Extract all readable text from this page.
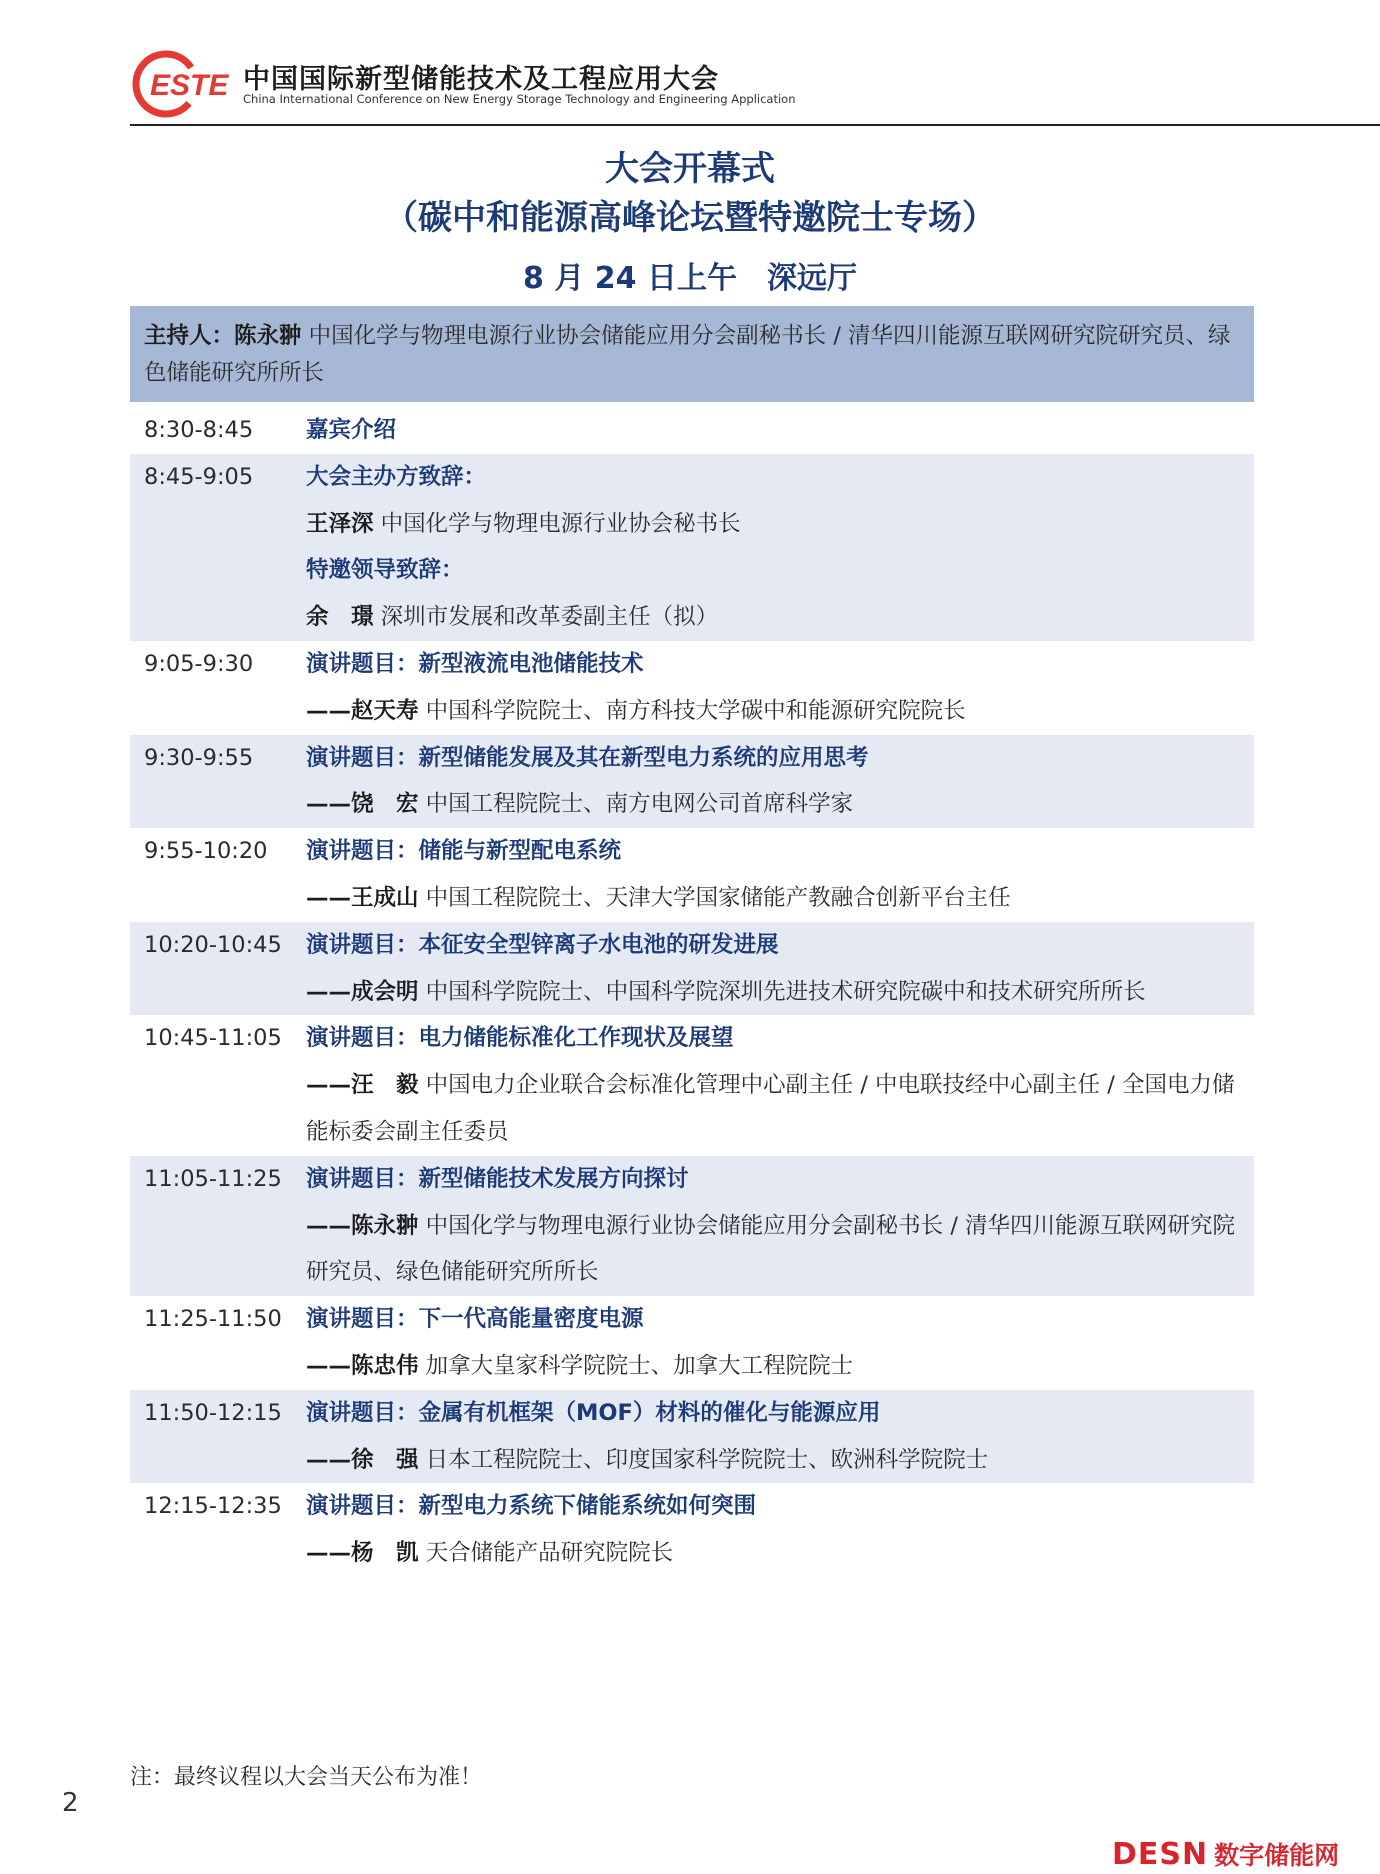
ESTE 中国国际新型储能技术及工程应用大会
China International Conference on New Energy Storage Technology and Engineering Application
大会开幕式
（碳中和能源高峰论坛暨特邀院士专场）
8 月 24 日上午　深远厅
主持人：陈永翀 中国化学与物理电源行业协会储能应用分会副秘书长 / 清华四川能源互联网研究院研究员、绿色储能研究所所长
8:30-8:45 嘉宾介绍
8:45-9:05 大会主办方致辞：
王泽深 中国化学与物理电源行业协会秘书长
特邀领导致辞：
余　璟 深圳市发展和改革委副主任（拟）
9:05-9:30 演讲题目：新型液流电池储能技术
——赵天寿 中国科学院院士、南方科技大学碳中和能源研究院院长
9:30-9:55 演讲题目：新型储能发展及其在新型电力系统的应用思考
——饶　宏 中国工程院院士、南方电网公司首席科学家
9:55-10:20 演讲题目：储能与新型配电系统
——王成山 中国工程院院士、天津大学国家储能产教融合创新平台主任
10:20-10:45 演讲题目：本征安全型锌离子水电池的研发进展
——成会明 中国科学院院士、中国科学院深圳先进技术研究院碳中和技术研究所所长
10:45-11:05 演讲题目：电力储能标准化工作现状及展望
——汪　毅 中国电力企业联合会标准化管理中心副主任 / 中电联技经中心副主任 / 全国电力储能标委会副主任委员
11:05-11:25 演讲题目：新型储能技术发展方向探讨
——陈永翀 中国化学与物理电源行业协会储能应用分会副秘书长 / 清华四川能源互联网研究院研究员、绿色储能研究所所长
11:25-11:50 演讲题目：下一代高能量密度电源
——陈忠伟 加拿大皇家科学院院士、加拿大工程院院士
11:50-12:15 演讲题目：金属有机框架（MOF）材料的催化与能源应用
——徐　强 日本工程院院士、印度国家科学院院士、欧洲科学院院士
12:15-12:35 演讲题目：新型电力系统下储能系统如何突围
——杨　凯 天合储能产品研究院院长
注：最终议程以大会当天公布为准！
2
DESN 数字储能网
